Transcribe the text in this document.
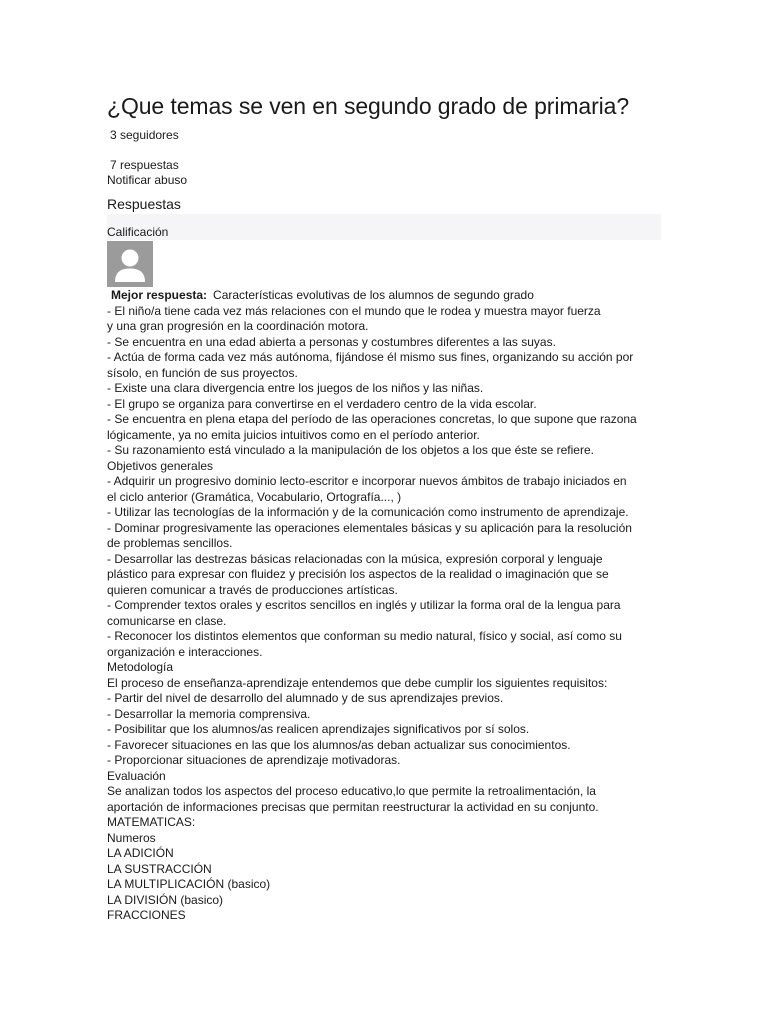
¿Que temas se ven en segundo grado de primaria?
3 seguidores
7 respuestas
Notificar abuso
Respuestas
Calificación
Mejor respuesta: Características evolutivas de los alumnos de segundo grado
- El niño/a tiene cada vez más relaciones con el mundo que le rodea y muestra mayor fuerza
y una gran progresión en la coordinación motora.
- Se encuentra en una edad abierta a personas y costumbres diferentes a las suyas.
- Actúa de forma cada vez más autónoma, fijándose él mismo sus fines, organizando su acción por
sísolo, en función de sus proyectos.
- Existe una clara divergencia entre los juegos de los niños y las niñas.
- El grupo se organiza para convertirse en el verdadero centro de la vida escolar.
- Se encuentra en plena etapa del período de las operaciones concretas, lo que supone que razona
lógicamente, ya no emita juicios intuitivos como en el período anterior.
- Su razonamiento está vinculado a la manipulación de los objetos a los que éste se refiere.
Objetivos generales
- Adquirir un progresivo dominio lecto-escritor e incorporar nuevos ámbitos de trabajo iniciados en
el ciclo anterior (Gramática, Vocabulario, Ortografía..., )
- Utilizar las tecnologías de la información y de la comunicación como instrumento de aprendizaje.
- Dominar progresivamente las operaciones elementales básicas y su aplicación para la resolución
de problemas sencillos.
- Desarrollar las destrezas básicas relacionadas con la música, expresión corporal y lenguaje
plástico para expresar con fluidez y precisión los aspectos de la realidad o imaginación que se
quieren comunicar a través de producciones artísticas.
- Comprender textos orales y escritos sencillos en inglés y utilizar la forma oral de la lengua para
comunicarse en clase.
- Reconocer los distintos elementos que conforman su medio natural, físico y social, así como su
organización e interacciones.
Metodología
El proceso de enseñanza-aprendizaje entendemos que debe cumplir los siguientes requisitos:
- Partir del nivel de desarrollo del alumnado y de sus aprendizajes previos.
- Desarrollar la memoria comprensiva.
- Posibilitar que los alumnos/as realicen aprendizajes significativos por sí solos.
- Favorecer situaciones en las que los alumnos/as deban actualizar sus conocimientos.
- Proporcionar situaciones de aprendizaje motivadoras.
Evaluación
Se analizan todos los aspectos del proceso educativo,lo que permite la retroalimentación, la
aportación de informaciones precisas que permitan reestructurar la actividad en su conjunto.
MATEMATICAS:
Numeros
LA ADICIÓN
LA SUSTRACCIÓN
LA MULTIPLICACIÓN (basico)
LA DIVISIÓN (basico)
FRACCIONES
